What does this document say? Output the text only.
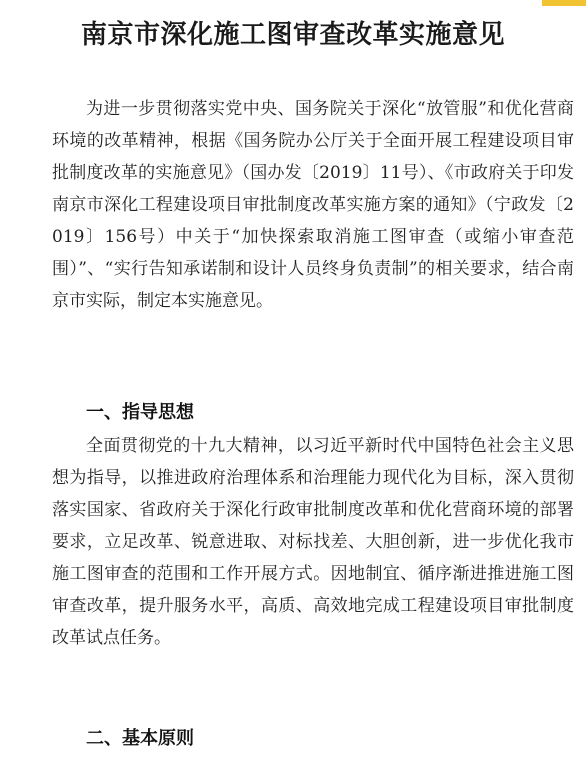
南京市深化施工图审查改革实施意见

为进一步贯彻落实党中央、国务院关于深化“放管服”和优化营商环境的改革精神，根据《国务院办公厅关于全面开展工程建设项目审批制度改革的实施意见》（国办发〔2019〕11号）、《市政府关于印发南京市深化工程建设项目审批制度改革实施方案的通知》（宁政发〔2019〕156号）中关于“加快探索取消施工图审查（或缩小审查范围）”、“实行告知承诺制和设计人员终身负责制”的相关要求，结合南京市实际，制定本实施意见。

一、指导思想

全面贯彻党的十九大精神，以习近平新时代中国特色社会主义思想为指导，以推进政府治理体系和治理能力现代化为目标，深入贯彻落实国家、省政府关于深化行政审批制度改革和优化营商环境的部署要求，立足改革、锐意进取、对标找差、大胆创新，进一步优化我市施工图审查的范围和工作开展方式。因地制宜、循序渐进推进施工图审查改革，提升服务水平，高质、高效地完成工程建设项目审批制度改革试点任务。

二、基本原则
